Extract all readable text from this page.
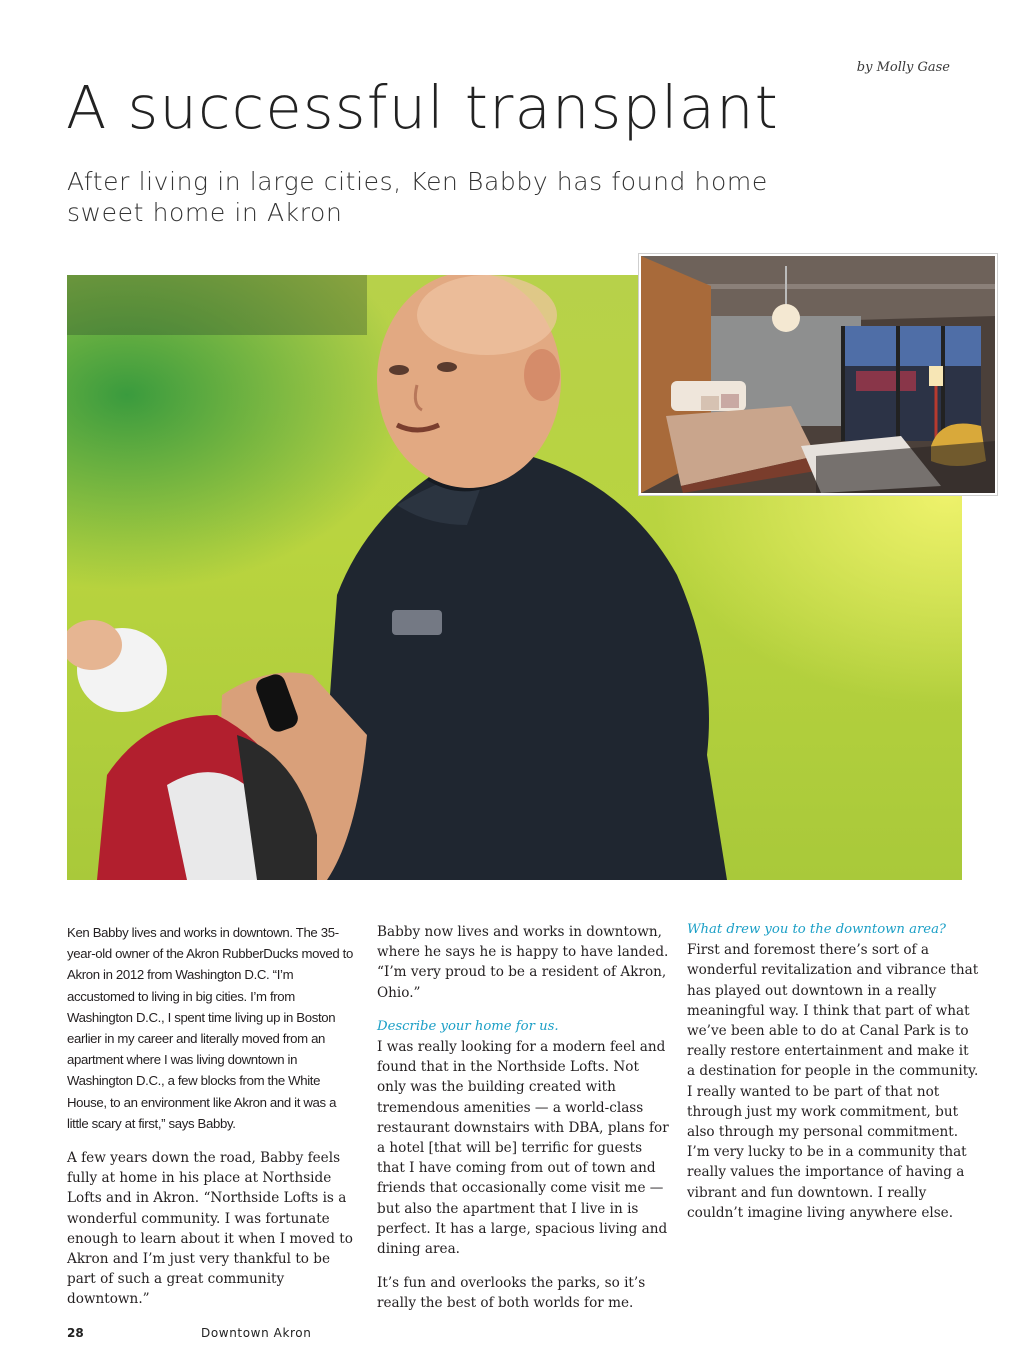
by Molly Gase
A successful transplant
After living in large cities, Ken Babby has found home sweet home in Akron

Ken Babby lives and works in downtown. The 35-year-old owner of the Akron RubberDucks moved to Akron in 2012 from Washington D.C. “I’m accustomed to living in big cities. I’m from Washington D.C., I spent time living up in Boston earlier in my career and literally moved from an apartment where I was living downtown in Washington D.C., a few blocks from the White House, to an environment like Akron and it was a little scary at first,” says Babby.

A few years down the road, Babby feels fully at home in his place at Northside Lofts and in Akron. “Northside Lofts is a wonderful community. I was fortunate enough to learn about it when I moved to Akron and I’m just very thankful to be part of such a great community downtown.”

Babby now lives and works in downtown, where he says he is happy to have landed. “I’m very proud to be a resident of Akron, Ohio.”

Describe your home for us.
I was really looking for a modern feel and found that in the Northside Lofts. Not only was the building created with tremendous amenities — a world-class restaurant downstairs with DBA, plans for a hotel [that will be] terrific for guests that I have coming from out of town and friends that occasionally come visit me — but also the apartment that I live in is perfect. It has a large, spacious living and dining area.

It’s fun and overlooks the parks, so it’s really the best of both worlds for me.

What drew you to the downtown area?
First and foremost there’s sort of a wonderful revitalization and vibrance that has played out downtown in a really meaningful way. I think that part of what we’ve been able to do at Canal Park is to really restore entertainment and make it a destination for people in the community. I really wanted to be part of that not through just my work commitment, but also through my personal commitment. I’m very lucky to be in a community that really values the importance of having a vibrant and fun downtown. I really couldn’t imagine living anywhere else.
28	Downtown Akron
